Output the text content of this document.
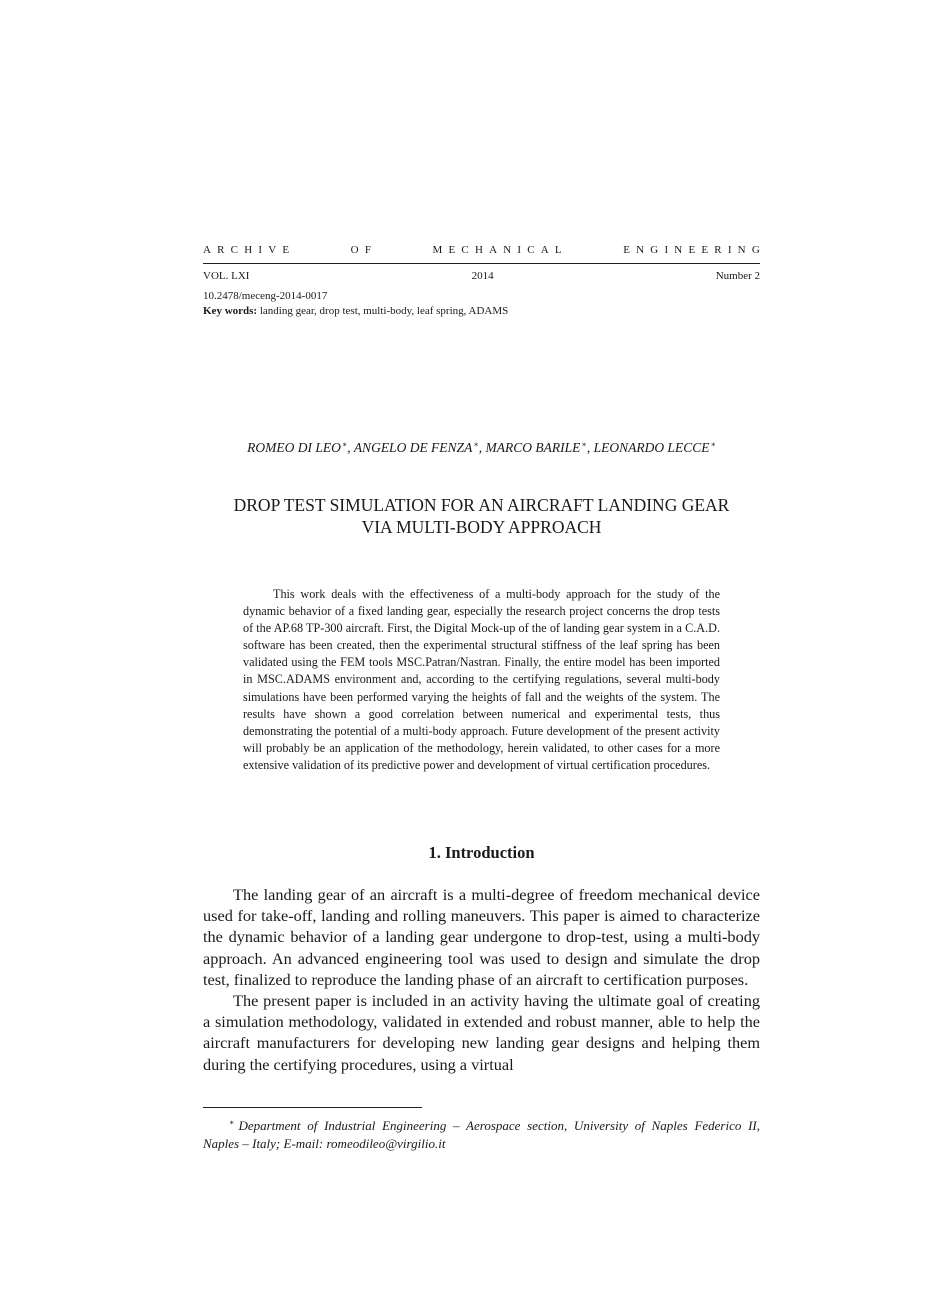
ARCHIVE	OF	MECHANICAL	ENGINEERING
VOL. LXI	2014	Number 2
10.2478/meceng-2014-0017
Key words: landing gear, drop test, multi-body, leaf spring, ADAMS
ROMEO DI LEO∗, ANGELO DE FENZA∗, MARCO BARILE∗, LEONARDO LECCE∗
DROP TEST SIMULATION FOR AN AIRCRAFT LANDING GEAR
VIA MULTI-BODY APPROACH
This work deals with the effectiveness of a multi-body approach for the study of the dynamic behavior of a fixed landing gear, especially the research project concerns the drop tests of the AP.68 TP-300 aircraft. First, the Digital Mock-up of the of landing gear system in a C.A.D. software has been created, then the experimental structural stiffness of the leaf spring has been validated using the FEM tools MSC.Patran/Nastran. Finally, the entire model has been imported in MSC.ADAMS environment and, according to the certifying regulations, several multi-body simulations have been performed varying the heights of fall and the weights of the system. The results have shown a good correlation between numerical and experimental tests, thus demonstrating the potential of a multi-body approach. Future development of the present activity will probably be an application of the methodology, herein validated, to other cases for a more extensive validation of its predictive power and development of virtual certification procedures.
1. Introduction

The landing gear of an aircraft is a multi-degree of freedom mechanical device used for take-off, landing and rolling maneuvers. This paper is aimed to characterize the dynamic behavior of a landing gear undergone to drop-test, using a multi-body approach. An advanced engineering tool was used to design and simulate the drop test, finalized to reproduce the landing phase of an aircraft to certification purposes.

The present paper is included in an activity having the ultimate goal of creating a simulation methodology, validated in extended and robust manner, able to help the aircraft manufacturers for developing new landing gear designs and helping them during the certifying procedures, using a virtual

∗ Department of Industrial Engineering – Aerospace section, University of Naples Federico II, Naples – Italy; E-mail: romeodileo@virgilio.it
